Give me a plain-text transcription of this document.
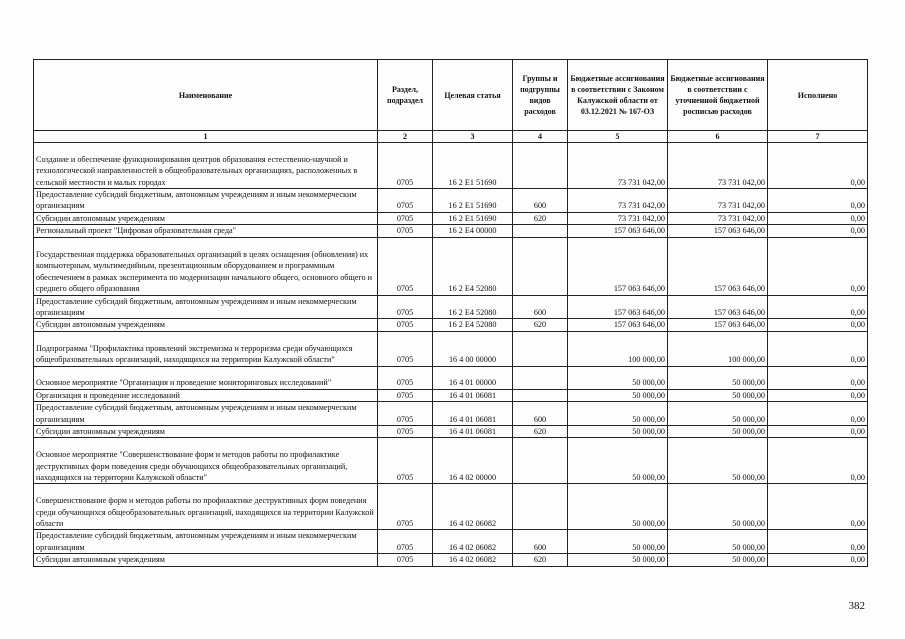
Наименование	Раздел, подраздел	Целевая статья	Группы и подгруппы видов расходов	Бюджетные ассигнования в соответствии с Законом Калужской области от 03.12.2021 № 167-ОЗ	Бюджетные ассигнования в соответствии с уточненной бюджетной росписью расходов	Исполнено
1	2	3	4	5	6	7
Создание и обеспечение функционирования центров образования естественно-научной и технологической направленностей в общеобразовательных организациях, расположенных в сельской местности и малых городах	0705	16 2 E1 51690		73 731 042,00	73 731 042,00	0,00
Предоставление субсидий бюджетным, автономным учреждениям и иным некоммерческим организациям	0705	16 2 E1 51690	600	73 731 042,00	73 731 042,00	0,00
Субсидии автономным учреждениям	0705	16 2 E1 51690	620	73 731 042,00	73 731 042,00	0,00
Региональный проект "Цифровая образовательная среда"	0705	16 2 E4 00000		157 063 646,00	157 063 646,00	0,00
Государственная поддержка образовательных организаций в целях оснащения (обновления) их компьютерным, мультимедийным, презентационным оборудованием и программным обеспечением в рамках эксперимента по модернизации начального общего, основного общего и среднего общего образования	0705	16 2 E4 52080		157 063 646,00	157 063 646,00	0,00
Предоставление субсидий бюджетным, автономным учреждениям и иным некоммерческим организациям	0705	16 2 E4 52080	600	157 063 646,00	157 063 646,00	0,00
Субсидии автономным учреждениям	0705	16 2 E4 52080	620	157 063 646,00	157 063 646,00	0,00
Подпрограмма "Профилактика проявлений экстремизма и терроризма среди обучающихся общеобразовательных организаций, находящихся на территории Калужской области"	0705	16 4 00 00000		100 000,00	100 000,00	0,00
Основное мероприятие "Организация и проведение мониторинговых исследований"	0705	16 4 01 00000		50 000,00	50 000,00	0,00
Организация и проведение исследований	0705	16 4 01 06081		50 000,00	50 000,00	0,00
Предоставление субсидий бюджетным, автономным учреждениям и иным некоммерческим организациям	0705	16 4 01 06081	600	50 000,00	50 000,00	0,00
Субсидии автономным учреждениям	0705	16 4 01 06081	620	50 000,00	50 000,00	0,00
Основное мероприятие "Совершенствование форм и методов работы по профилактике деструктивных форм поведения среди обучающихся общеобразовательных организаций, находящихся на территории Калужской области"	0705	16 4 02 00000		50 000,00	50 000,00	0,00
Совершенствование форм и методов работы по профилактике деструктивных форм поведения среди обучающихся общеобразовательных организаций, находящихся на территории Калужской области	0705	16 4 02 06082		50 000,00	50 000,00	0,00
Предоставление субсидий бюджетным, автономным учреждениям и иным некоммерческим организациям	0705	16 4 02 06082	600	50 000,00	50 000,00	0,00
Субсидии автономным учреждениям	0705	16 4 02 06082	620	50 000,00	50 000,00	0,00
382
